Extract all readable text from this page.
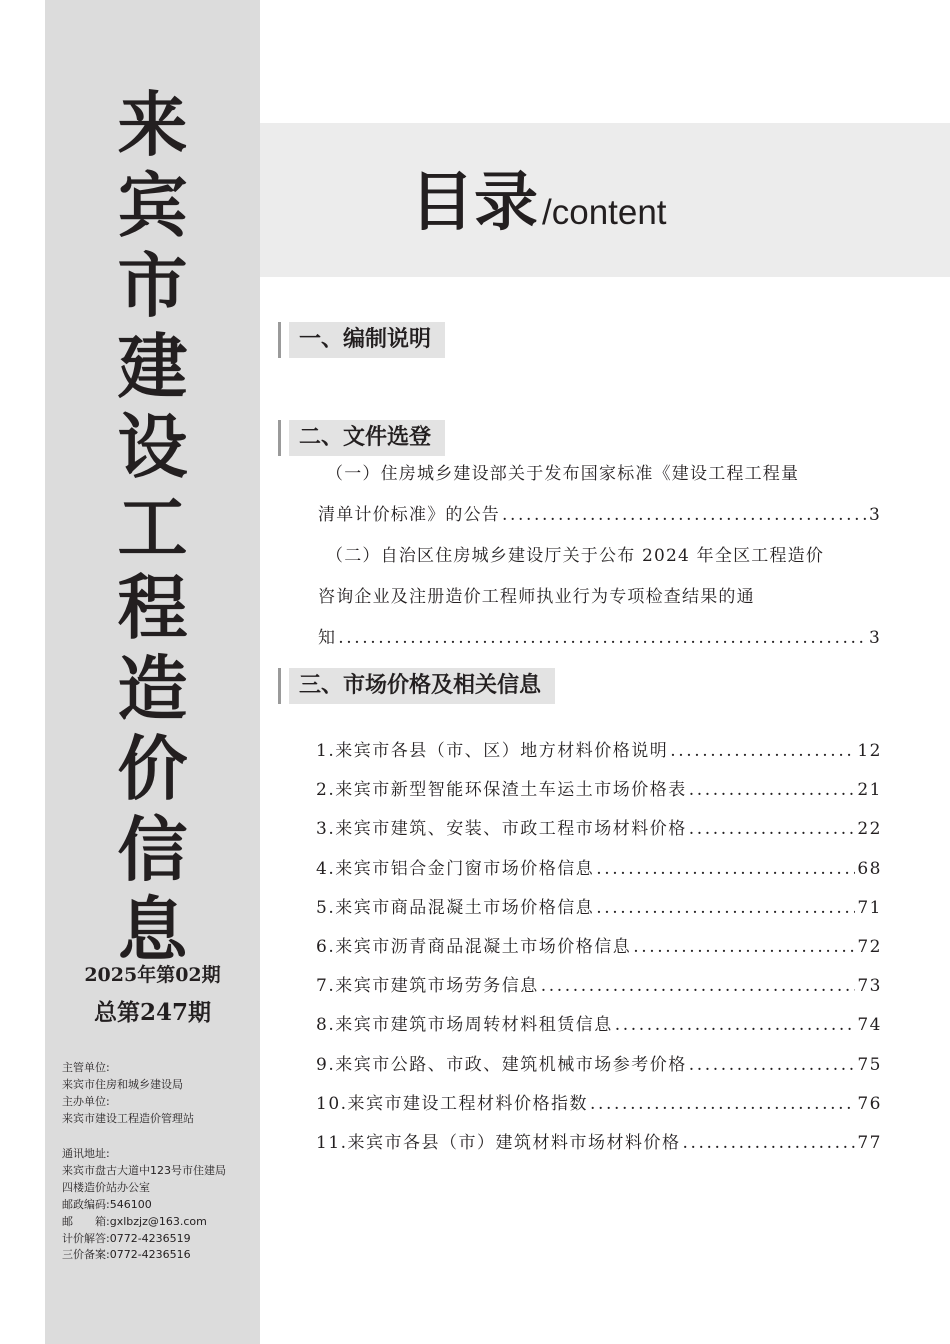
来
宾
市
建
设
工
程
造
价
信
息
2025年第02期
总第247期
主管单位:
来宾市住房和城乡建设局
主办单位:
来宾市建设工程造价管理站
通讯地址:
来宾市盘古大道中123号市住建局
四楼造价站办公室
邮政编码:546100
邮　　箱:gxlbzjz@163.com
计价解答:0772-4236519
三价备案:0772-4236516
目录 /content
一、编制说明
二、文件选登
（一）住房城乡建设部关于发布国家标准《建设工程工程量
清单计价标准》的公告 .....	3
（二）自治区住房城乡建设厅关于公布 2024 年全区工程造价
咨询企业及注册造价工程师执业行为专项检查结果的通
知 .....	3
三、市场价格及相关信息
1.来宾市各县（市、区）地方材料价格说明 .....	12
2.来宾市新型智能环保渣土车运土市场价格表 .....	21
3.来宾市建筑、安装、市政工程市场材料价格 .....	22
4.来宾市铝合金门窗市场价格信息 .....	68
5.来宾市商品混凝土市场价格信息 .....	71
6.来宾市沥青商品混凝土市场价格信息 .....	72
7.来宾市建筑市场劳务信息 .....	73
8.来宾市建筑市场周转材料租赁信息 .....	74
9.来宾市公路、市政、建筑机械市场参考价格 .....	75
10.来宾市建设工程材料价格指数 .....	76
11.来宾市各县（市）建筑材料市场材料价格 .....	77
